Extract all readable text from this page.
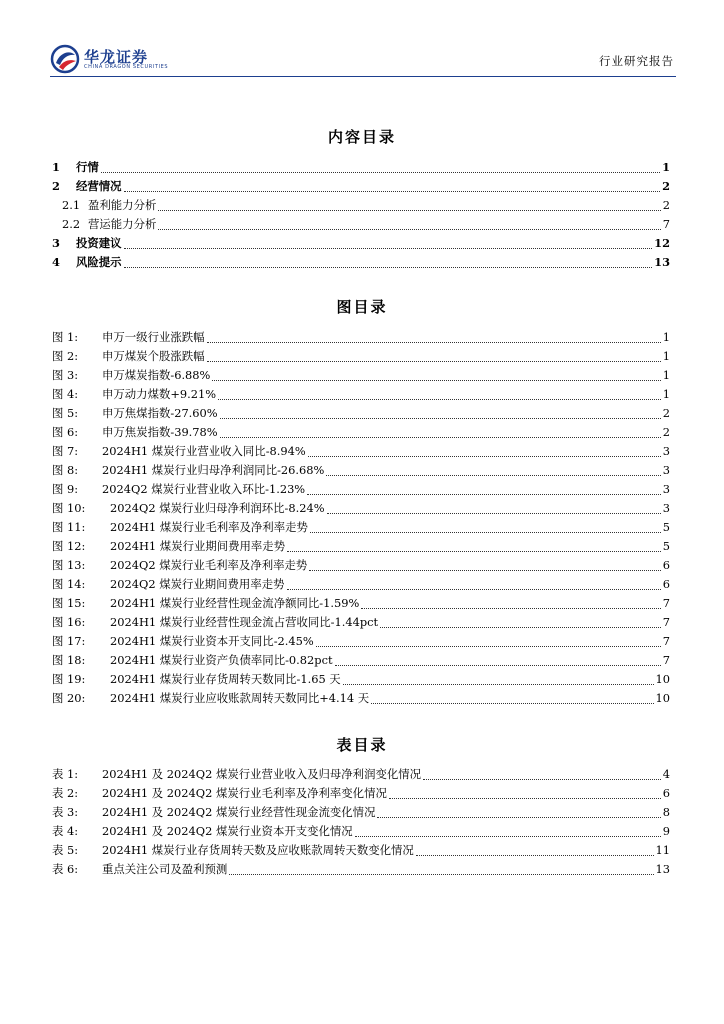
华龙证券
CHINA DRAGON SECURITIES	行业研究报告
内容目录
1 行情	1
2 经营情况	2
2.1 盈利能力分析	2
2.2 营运能力分析	7
3 投资建议	12
4 风险提示	13
图目录
图 1: 申万一级行业涨跌幅	1
图 2: 申万煤炭个股涨跌幅	1
图 3: 申万煤炭指数-6.88%	1
图 4: 申万动力煤数+9.21%	1
图 5: 申万焦煤指数-27.60%	2
图 6: 申万焦炭指数-39.78%	2
图 7: 2024H1 煤炭行业营业收入同比-8.94%	3
图 8: 2024H1 煤炭行业归母净利润同比-26.68%	3
图 9: 2024Q2 煤炭行业营业收入环比-1.23%	3
图 10: 2024Q2 煤炭行业归母净利润环比-8.24%	3
图 11: 2024H1 煤炭行业毛利率及净利率走势	5
图 12: 2024H1 煤炭行业期间费用率走势	5
图 13: 2024Q2 煤炭行业毛利率及净利率走势	6
图 14: 2024Q2 煤炭行业期间费用率走势	6
图 15: 2024H1 煤炭行业经营性现金流净额同比-1.59%	7
图 16: 2024H1 煤炭行业经营性现金流占营收同比-1.44pct	7
图 17: 2024H1 煤炭行业资本开支同比-2.45%	7
图 18: 2024H1 煤炭行业资产负债率同比-0.82pct	7
图 19: 2024H1 煤炭行业存货周转天数同比-1.65 天	10
图 20: 2024H1 煤炭行业应收账款周转天数同比+4.14 天	10
表目录
表 1: 2024H1 及 2024Q2 煤炭行业营业收入及归母净利润变化情况	4
表 2: 2024H1 及 2024Q2 煤炭行业毛利率及净利率变化情况	6
表 3: 2024H1 及 2024Q2 煤炭行业经营性现金流变化情况	8
表 4: 2024H1 及 2024Q2 煤炭行业资本开支变化情况	9
表 5: 2024H1 煤炭行业存货周转天数及应收账款周转天数变化情况	11
表 6: 重点关注公司及盈利预测	13
